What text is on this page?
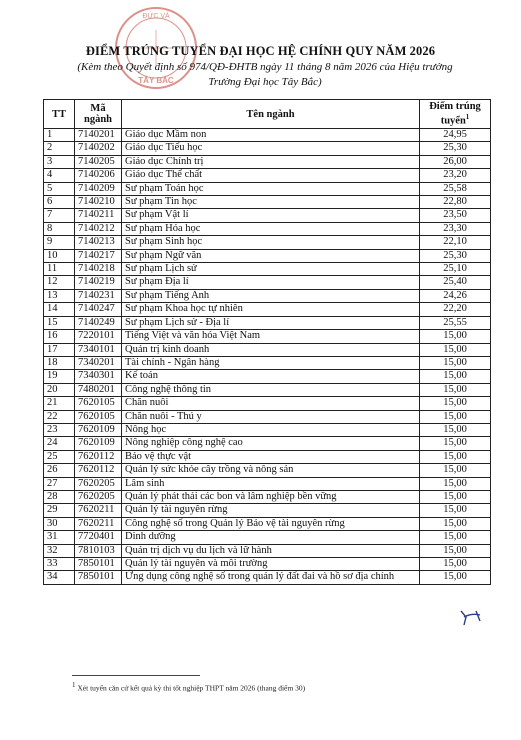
ĐỨC VÀ
TÂY BẮC
ĐIỂM TRÚNG TUYỂN ĐẠI HỌC HỆ CHÍNH QUY NĂM 2026
(Kèm theo Quyết định số 974/QĐ-ĐHTB ngày 11 tháng 8 năm 2026 của Hiệu trưởng
Trường Đại học Tây Bắc)
TT	Mã ngành	Tên ngành	Điểm trúng tuyển$^1$
1	7140201	Giáo dục Mầm non	24,95
2	7140202	Giáo dục Tiểu học	25,30
3	7140205	Giáo dục Chính trị	26,00
4	7140206	Giáo dục Thể chất	23,20
5	7140209	Sư phạm Toán học	25,58
6	7140210	Sư phạm Tin học	22,80
7	7140211	Sư phạm Vật lí	23,50
8	7140212	Sư phạm Hóa học	23,30
9	7140213	Sư phạm Sinh học	22,10
10	7140217	Sư phạm Ngữ văn	25,30
11	7140218	Sư phạm Lịch sử	25,10
12	7140219	Sư phạm Địa lí	25,40
13	7140231	Sư phạm Tiếng Anh	24,26
14	7140247	Sư phạm Khoa học tự nhiên	22,20
15	7140249	Sư phạm Lịch sử - Địa lí	25,55
16	7220101	Tiếng Việt và văn hóa Việt Nam	15,00
17	7340101	Quản trị kinh doanh	15,00
18	7340201	Tài chính - Ngân hàng	15,00
19	7340301	Kế toán	15,00
20	7480201	Công nghệ thông tin	15,00
21	7620105	Chăn nuôi	15,00
22	7620105	Chăn nuôi - Thú y	15,00
23	7620109	Nông học	15,00
24	7620109	Nông nghiệp công nghệ cao	15,00
25	7620112	Bảo vệ thực vật	15,00
26	7620112	Quản lý sức khỏe cây trồng và nông sản	15,00
27	7620205	Lâm sinh	15,00
28	7620205	Quản lý phát thải các bon và lâm nghiệp bền vững	15,00
29	7620211	Quản lý tài nguyên rừng	15,00
30	7620211	Công nghệ số trong Quản lý Bảo vệ tài nguyên rừng	15,00
31	7720401	Dinh dưỡng	15,00
32	7810103	Quản trị dịch vụ du lịch và lữ hành	15,00
33	7850101	Quản lý tài nguyên và môi trường	15,00
34	7850101	Ứng dụng công nghệ số trong quản lý đất đai và hồ sơ địa chính	15,00
$^1$ Xét tuyển căn cứ kết quả kỳ thi tốt nghiệp THPT năm 2026 (thang điểm 30)
